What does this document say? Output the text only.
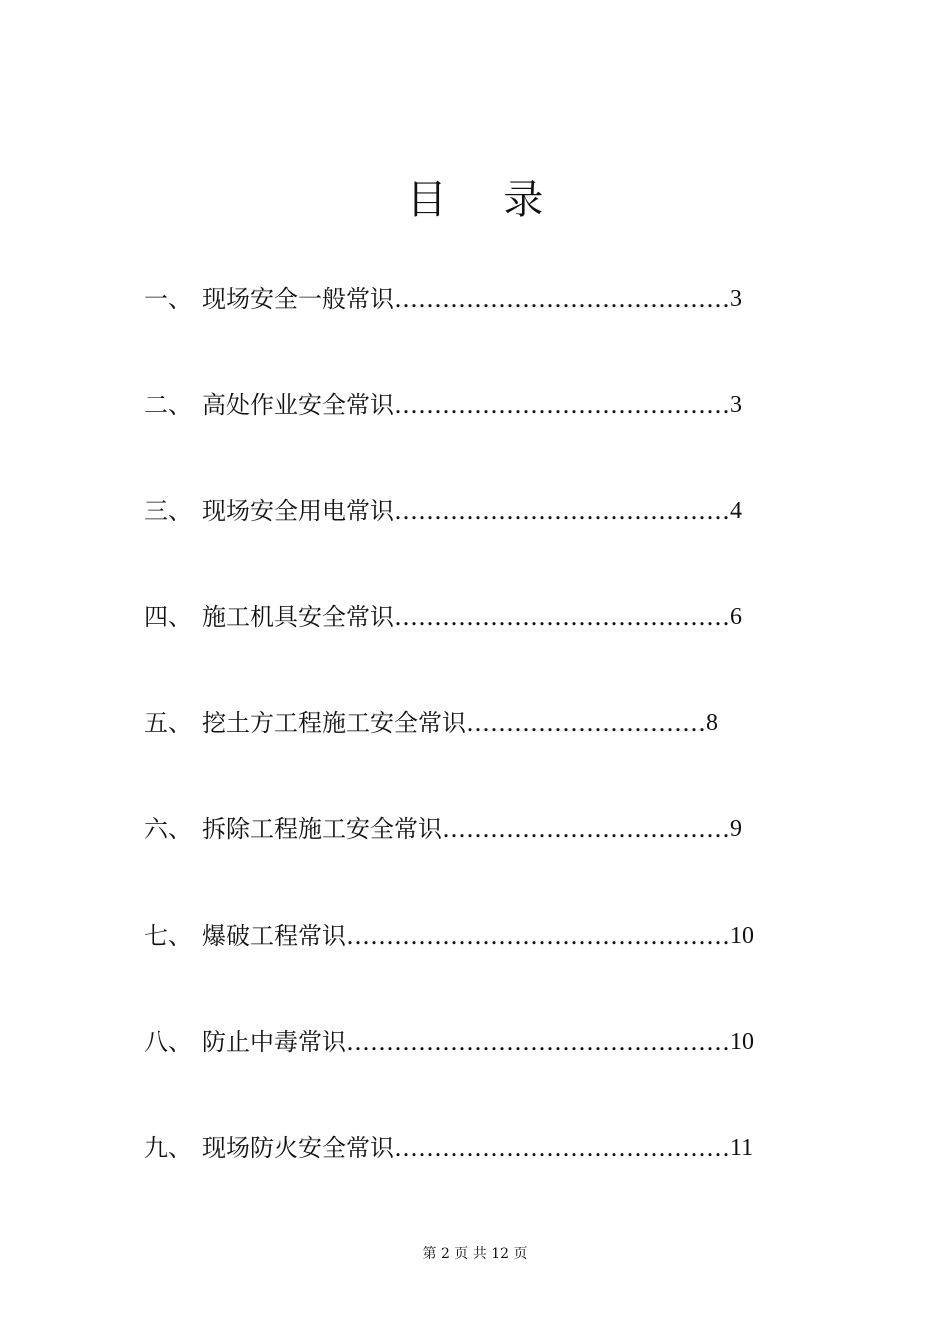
目 录
一、 现场安全一般常识 …………………………………… 3
二、 高处作业安全常识 …………………………………… 3
三、 现场安全用电常识 …………………………………… 4
四、 施工机具安全常识 …………………………………… 6
五、 挖土方工程施工安全常识 ………………………… 8
六、 拆除工程施工安全常识 ……………………………… 9
七、 爆破工程常识 ………………………………………… 10
八、 防止中毒常识 ………………………………………… 10
九、 现场防火安全常识 …………………………………… 11
第 2 页 共 12 页
